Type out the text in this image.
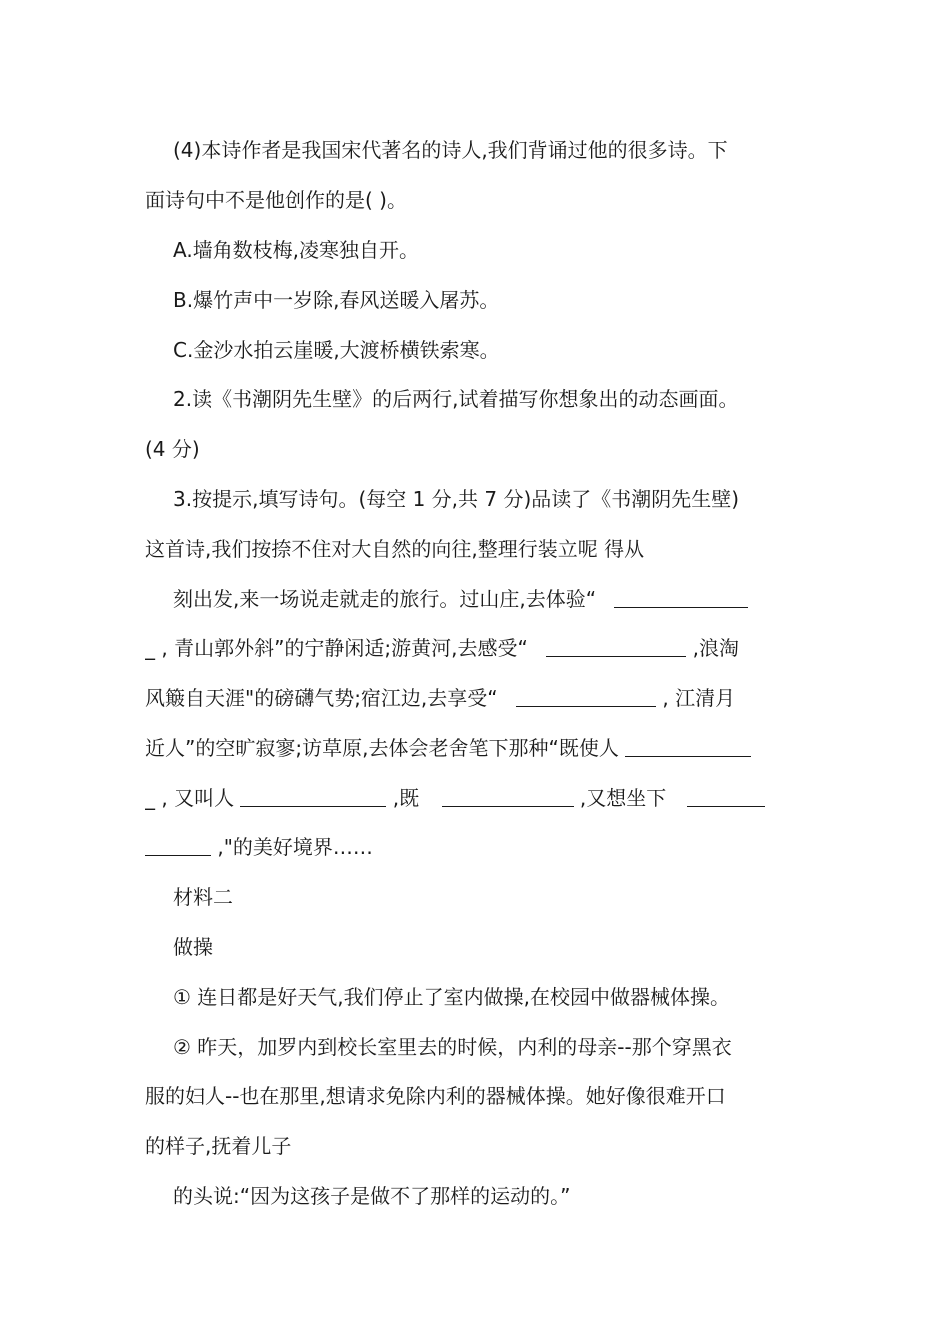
(4)本诗作者是我国宋代著名的诗人,我们背诵过他的很多诗。下
面诗句中不是他创作的是( )。
A.墙角数枝梅,凌寒独自开。
B.爆竹声中一岁除,春风送暖入屠苏。
C.金沙水拍云崖暖,大渡桥横铁索寒。
2.读《书潮阴先生壁》的后两行,试着描写你想象出的动态画面。
(4 分)
3.按提示,填写诗句。(每空 1 分,共 7 分)品读了《书潮阴先生壁)
这首诗,我们按捺不住对大自然的向往,整理行装立呢 得从
刻出发,来一场说走就走的旅行。过山庄,去体验“
_ , 青山郭外斜”的宁静闲适;游黄河,去感受“	,浪淘
风簸自天涯"的磅礴气势;宿江边,去享受“	, 江清月
近人”的空旷寂寥;访草原,去体会老舍笔下那种“既使人
_ , 又叫人	,既	,又想坐下
,"的美好境界……
材料二
做操
① 连日都是好天气,我们停止了室内做操,在校园中做器械体操。
② 昨天，加罗内到校长室里去的时候，内利的母亲--那个穿黑衣
服的妇人--也在那里,想请求免除内利的器械体操。她好像很难开口
的样子,抚着儿子
的头说:“因为这孩子是做不了那样的运动的。”
